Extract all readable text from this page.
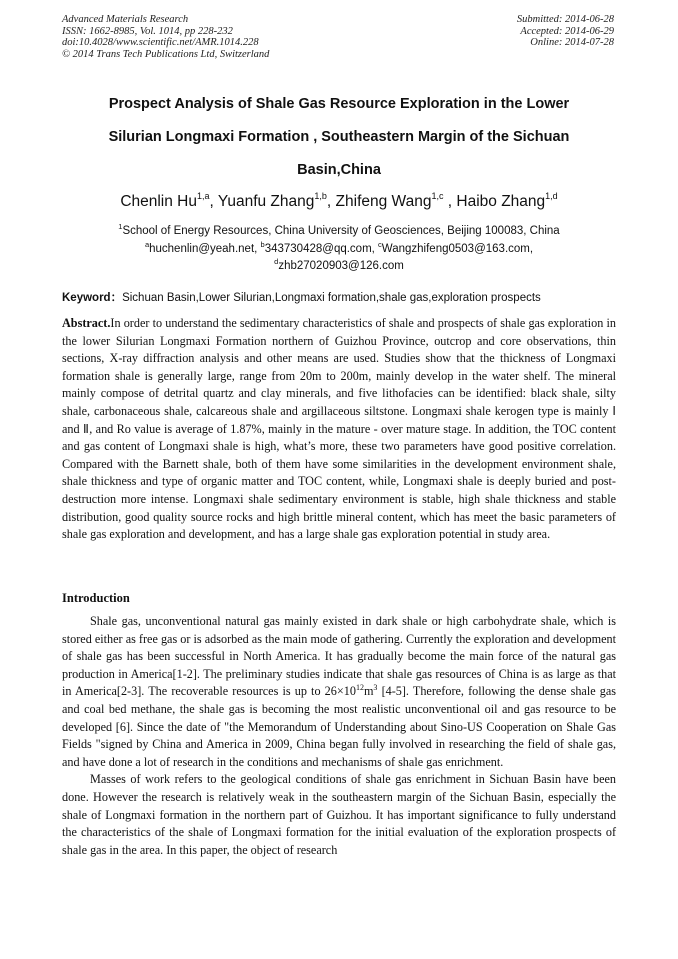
Advanced Materials Research
ISSN: 1662-8985, Vol. 1014, pp 228-232
doi:10.4028/www.scientific.net/AMR.1014.228
© 2014 Trans Tech Publications Ltd, Switzerland
Submitted: 2014-06-28
Accepted: 2014-06-29
Online: 2014-07-28
Prospect Analysis of Shale Gas Resource Exploration in the Lower
Silurian Longmaxi Formation , Southeastern Margin of the Sichuan
Basin,China
Chenlin Hu$^{1,a}$, Yuanfu Zhang$^{1,b}$, Zhifeng Wang$^{1,c}$ , Haibo Zhang$^{1,d}$
$^1$School of Energy Resources, China University of Geosciences, Beijing 100083, China
$^a$huchenlin@yeah.net, $^b$343730428@qq.com, $^c$Wangzhifeng0503@163.com,
$^d$zhb27020903@126.com
Keyword：Sichuan Basin,Lower Silurian,Longmaxi formation,shale gas,exploration prospects

Abstract.In order to understand the sedimentary characteristics of shale and prospects of shale gas exploration in the lower Silurian Longmaxi Formation northern of Guizhou Province, outcrop and core observations, thin sections, X-ray diffraction analysis and other means are used. Studies show that the thickness of Longmaxi formation shale is generally large, range from 20m to 200m, mainly develop in the water shelf. The mineral mainly compose of detrital quartz and clay minerals, and five lithofacies can be identified: black shale, silty shale, carbonaceous shale, calcareous shale and argillaceous siltstone. Longmaxi shale kerogen type is mainly Ⅰ and Ⅱ, and Ro value is average of 1.87%, mainly in the mature - over mature stage. In addition, the TOC content and gas content of Longmaxi shale is high, what’s more, these two parameters have good positive correlation. Compared with the Barnett shale, both of them have some similarities in the development environment shale, shale thickness and type of organic matter and TOC content, while, Longmaxi shale is deeply buried and post-destruction more intense. Longmaxi shale sedimentary environment is stable, high shale thickness and stable distribution, good quality source rocks and high brittle mineral content, which has meet the basic parameters of shale gas exploration and development, and has a large shale gas exploration potential in study area.

Introduction

Shale gas, unconventional natural gas mainly existed in dark shale or high carbohydrate shale, which is stored either as free gas or is adsorbed as the main mode of gathering. Currently the exploration and development of shale gas has been successful in North America. It has gradually become the main force of the natural gas production in America[1-2]. The preliminary studies indicate that shale gas resources of China is as large as that in America[2-3]. The recoverable resources is up to $26\times 10^{12}m^3$ [4-5]. Therefore, following the dense shale gas and coal bed methane, the shale gas is becoming the most realistic unconventional oil and gas resource to be developed [6]. Since the date of "the Memorandum of Understanding about Sino-US Cooperation on Shale Gas Fields "signed by China and America in 2009, China began fully involved in researching the field of shale gas, and have done a lot of research in the conditions and mechanisms of shale gas enrichment.

Masses of work refers to the geological conditions of shale gas enrichment in Sichuan Basin have been done. However the research is relatively weak in the southeastern margin of the Sichuan Basin, especially the shale of Longmaxi formation in the northern part of Guizhou. It has important significance to fully understand the characteristics of the shale of Longmaxi formation for the initial evaluation of the exploration prospects of shale gas in the area. In this paper, the object of research
